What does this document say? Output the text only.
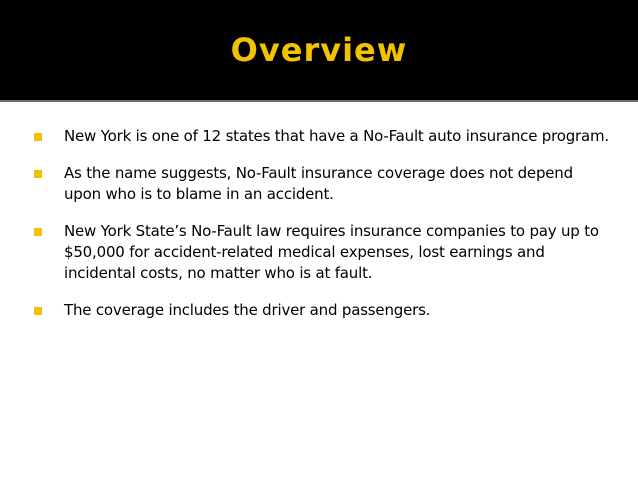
Overview
New York is one of 12 states that have a No-Fault auto insurance program.
As the name suggests, No-Fault insurance coverage does not depend upon who is to blame in an accident.
New York State’s No-Fault law requires insurance companies to pay up to $50,000 for accident-related medical expenses, lost earnings and incidental costs, no matter who is at fault.
The coverage includes the driver and passengers.
